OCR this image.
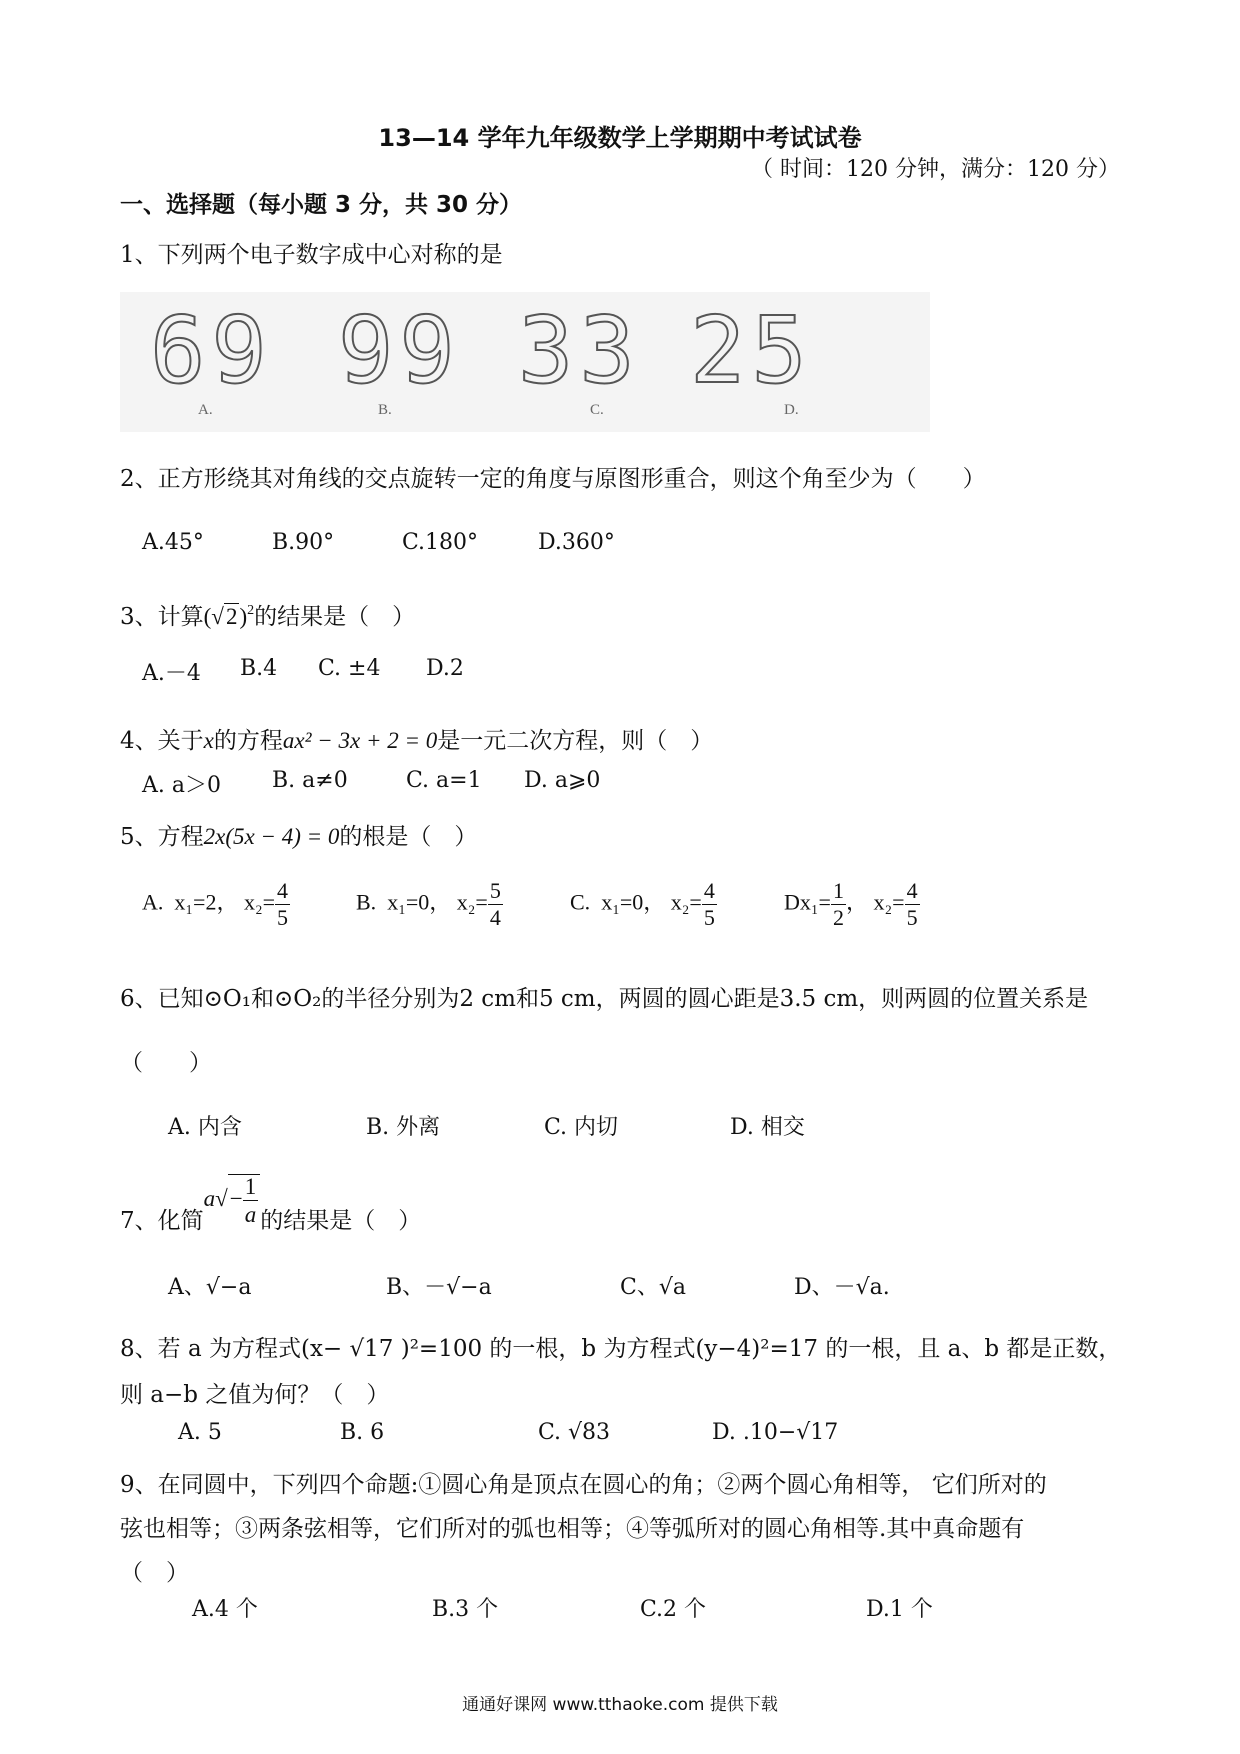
13—14 学年九年级数学上学期期中考试试卷
（ 时间：120 分钟，满分：120 分）
一、选择题（每小题 3 分，共 30 分）
1、下列两个电子数字成中心对称的是
69 99 33 25
A.	B.	C.	D.
2、正方形绕其对角线的交点旋转一定的角度与原图形重合，则这个角至少为（　　）
A.45°	B.90°	C.180°	D.360°
3、计算$(√2)^2$的结果是（　）
A.－4 B.4 C. ±4 D.2
4、关于x的方程ax² − 3x + 2 = 0是一元二次方程，则（　）
A. a＞0 B. a≠0	C. a=1 D. a⩾0
5、方程2x(5x − 4) = 0的根是（　）
A. x₁=2， $x_2= \frac{4}{5}$	B. x₁=0， $x_2= \frac{5}{4}$	C. x₁=0， $x_2= \frac{4}{5}$	$Dx_1= \frac{1}{2}$ ， $x_2= \frac{4}{5}$
6、已知⊙O₁和⊙O₂的半径分别为2 cm和5 cm，两圆的圆心距是3.5 cm，则两圆的位置关系是
（　　）
A. 内含	B. 外离	C. 内切	D. 相交
7、化简$a√- \frac{1}{a}$ 的结果是（　）
A、√−a	B、－√−a	C、√a	D、－√a.
8、若 a 为方程式(x− √17 )²=100 的一根，b 为方程式(y−4)²=17 的一根，且 a、b 都是正数，
则 a−b 之值为何？（　）
A. 5	B. 6	C. √83	D. .10−√17
9、在同圆中，下列四个命题:①圆心角是顶点在圆心的角；②两个圆心角相等， 它们所对的
弦也相等；③两条弦相等，它们所对的弧也相等；④等弧所对的圆心角相等.其中真命题有
（　）
A.4 个	B.3 个	C.2 个	D.1 个
通通好课网 www.tthaoke.com 提供下载
